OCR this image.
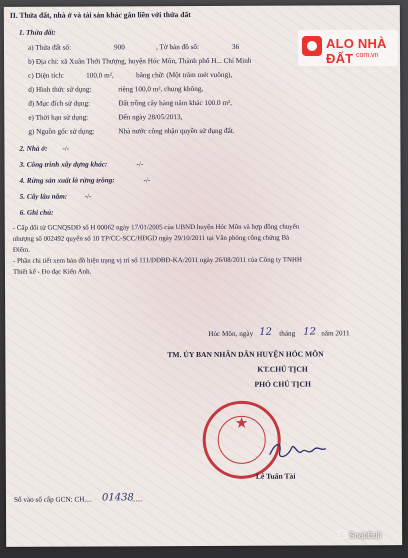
II. Thửa đất, nhà ở và tài sản khác gắn liền với thửa đất
1. Thửa đất:
a) Thửa đất số:	900	, Tờ bản đồ số:	36
b) Địa chỉ: xã Xuân Thới Thượng, huyện Hóc Môn, Thành phố H... Chí Minh
c) Diện tích:	100,0 m²,	bằng chữ: (Một trăm mét vuông),
d) Hình thức sử dụng:	riêng 100,0 m², chung không,
đ) Mục đích sử dụng:	Đất trồng cây hàng năm khác 100.0 m²,
e) Thời hạn sử dụng:	Đến ngày 28/05/2013,
g) Nguồn gốc sử dụng:	Nhà nước công nhận quyền sử dụng đất.
2. Nhà ở: -/-
3. Công trình xây dựng khác:	-/-
4. Rừng sản xuất là rừng trồng:	-/-
5. Cây lâu năm: -/-
6. Ghi chú:
- Cấp đổi từ GCNQSDĐ số H 00062 ngày 17/01/2005 của UBND huyện Hóc Môn và hợp đồng chuyển
nhượng số 002492 quyển số 10 TP/CC-SCC/HĐGD ngày 29/10/2011 tại Văn phòng công chứng Bà
Điểm.
- Phần chi tiết xem bản đồ hiện trạng vị trí số 111/ĐĐBĐ-KA/2011 ngày 26/08/2011 của Công ty TNHH
Thiết kế - Đo đạc Kiến Anh.
Hóc Môn, ngày 12 tháng 12 năm 2011
TM. ỦY BAN NHÂN DÂN HUYỆN HÓC MÔN
KT.CHỦ TỊCH
PHÓ CHỦ TỊCH
★
Lê Tuấn Tài
Số vào sổ cấp GCN: CH.... 01438
......
ALO NHÀ ĐẤT com.vn
SnapEdit
